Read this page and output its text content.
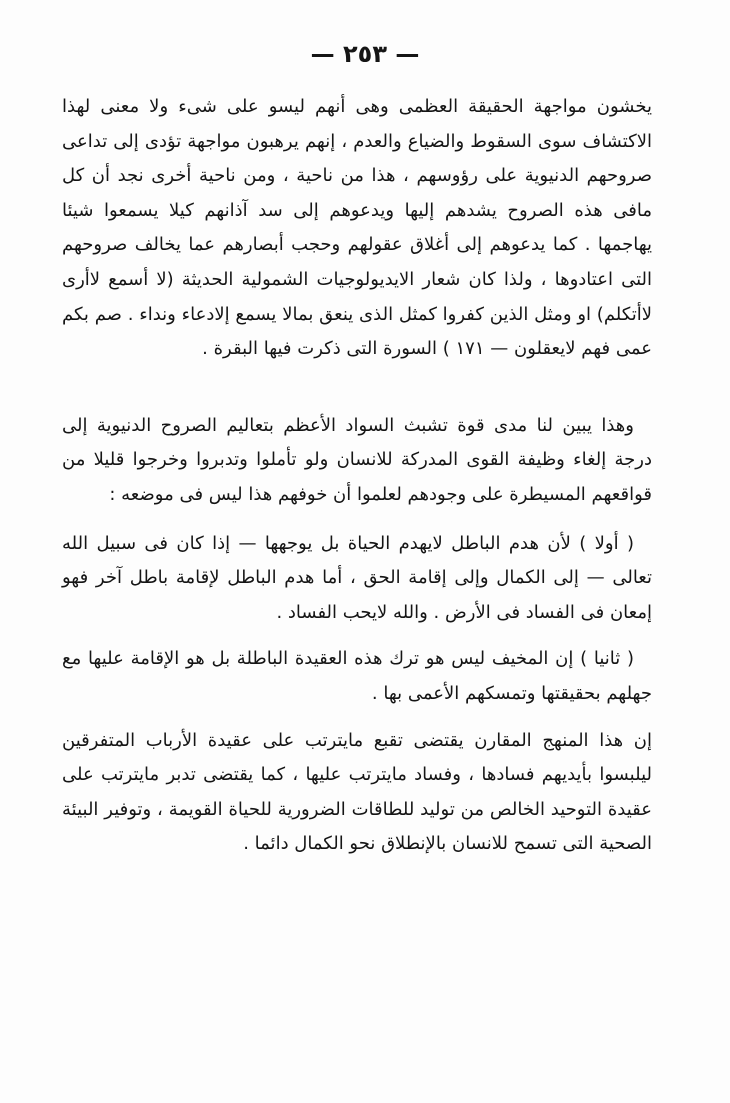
— ٢٥٣ —

يخشون مواجهة الحقيقة العظمى وهى أنهم ليسو على شىء ولا معنى لهذا الاكتشاف سوى السقوط والضياع والعدم ، إنهم يرهبون مواجهة تؤدى إلى تداعى صروحهم الدنيوية على رؤوسهم ، هذا من ناحية ، ومن ناحية أخرى نجد أن كل مافى هذه الصروح يشدهم إليها ويدعوهم إلى سد آذانهم كيلا يسمعوا شيئا يهاجمها . كما يدعوهم إلى أغلاق عقولهم وحجب أبصارهم عما يخالف صروحهم التى اعتادوها ، ولذا كان شعار الايديولوجيات الشمولية الحديثة (لا أسمع لاأرى لاأتكلم) او ومثل الذين كفروا كمثل الذى ينعق بمالا يسمع إلادعاء ونداء . صم بكم عمى فهم لايعقلون — ١٧١ ) السورة التى ذكرت فيها البقرة .

وهذا يبين لنا مدى قوة تشبث السواد الأعظم بتعاليم الصروح الدنيوية إلى درجة إلغاء وظيفة القوى المدركة للانسان ولو تأملوا وتدبروا وخرجوا قليلا من قواقعهم المسيطرة على وجودهم لعلموا أن خوفهم هذا ليس فى موضعه :

( أولا ) لأن هدم الباطل لايهدم الحياة بل يوجهها — إذا كان فى سبيل الله تعالى — إلى الكمال وإلى إقامة الحق ، أما هدم الباطل لإقامة باطل آخر فهو إمعان فى الفساد فى الأرض . والله لايحب الفساد .

( ثانيا ) إن المخيف ليس هو ترك هذه العقيدة الباطلة بل هو الإقامة عليها مع جهلهم بحقيقتها وتمسكهم الأعمى بها .

إن هذا المنهج المقارن يقتضى تقبع مايترتب على عقيدة الأرباب المتفرقين ليلبسوا بأيديهم فسادها ، وفساد مايترتب عليها ، كما يقتضى تدبر مايترتب على عقيدة التوحيد الخالص من توليد للطاقات الضرورية للحياة القويمة ، وتوفير البيئة الصحية التى تسمح للانسان بالإنطلاق نحو الكمال دائما .
